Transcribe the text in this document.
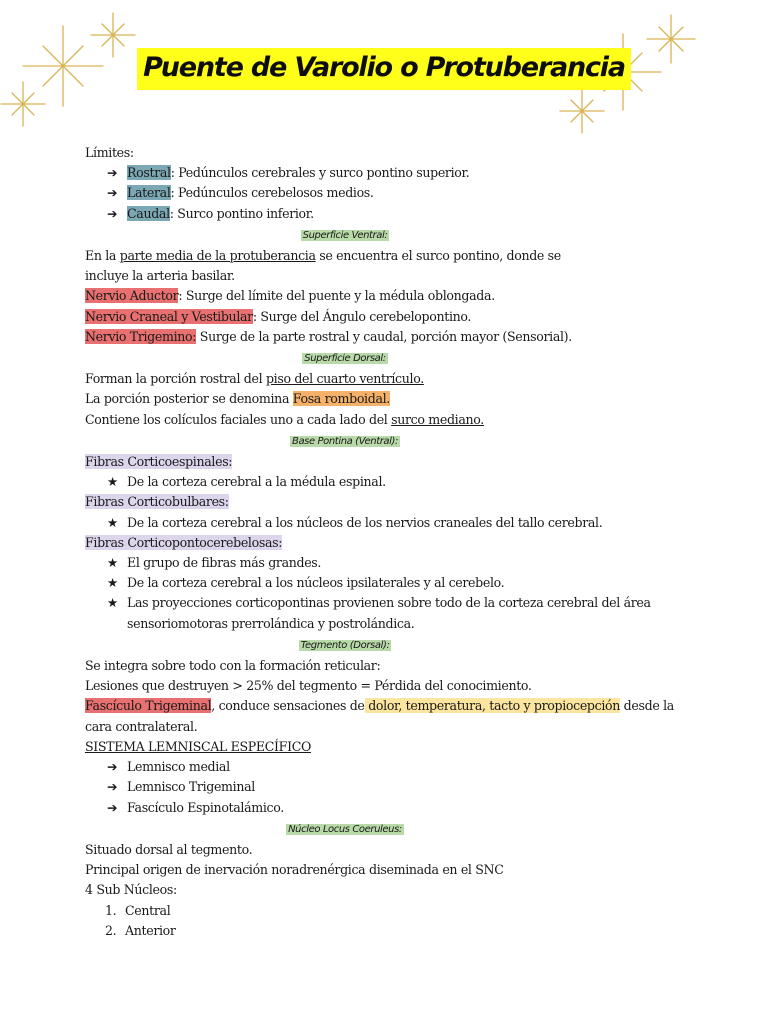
Puente de Varolio o Protuberancia
Límites:
➔ Rostral: Pedúnculos cerebrales y surco pontino superior.
➔ Lateral: Pedúnculos cerebelosos medios.
➔ Caudal: Surco pontino inferior.
Superficie Ventral:
En la parte media de la protuberancia se encuentra el surco pontino, donde se incluye la arteria basilar.
Nervio Aductor: Surge del límite del puente y la médula oblongada.
Nervio Craneal y Vestibular: Surge del Ángulo cerebelopontino.
Nervio Trigemino: Surge de la parte rostral y caudal, porción mayor (Sensorial).
Superficie Dorsal:
Forman la porción rostral del piso del cuarto ventrículo.
La porción posterior se denomina Fosa romboidal.
Contiene los colículos faciales uno a cada lado del surco mediano.
Base Pontina (Ventral):
Fibras Corticoespinales:
★ De la corteza cerebral a la médula espinal.
Fibras Corticobulbares:
★ De la corteza cerebral a los núcleos de los nervios craneales del tallo cerebral.
Fibras Corticopontocerebelosas:
★ El grupo de fibras más grandes.
★ De la corteza cerebral a los núcleos ipsilaterales y al cerebelo.
★ Las proyecciones corticopontinas provienen sobre todo de la corteza cerebral del área
sensoriomotoras prerrolándica y postrolándica.
Tegmento (Dorsal):
Se integra sobre todo con la formación reticular:
Lesiones que destruyen > 25% del tegmento = Pérdida del conocimiento.
Fascículo Trigeminal, conduce sensaciones de dolor, temperatura, tacto y propiocepción desde la
cara contralateral.
SISTEMA LEMNISCAL ESPECÍFICO
➔ Lemnisco medial
➔ Lemnisco Trigeminal
➔ Fascículo Espinotalámico.
Núcleo Locus Coeruleus:
Situado dorsal al tegmento.
Principal origen de inervación noradrenérgica diseminada en el SNC
4 Sub Núcleos:
1. Central
2. Anterior
